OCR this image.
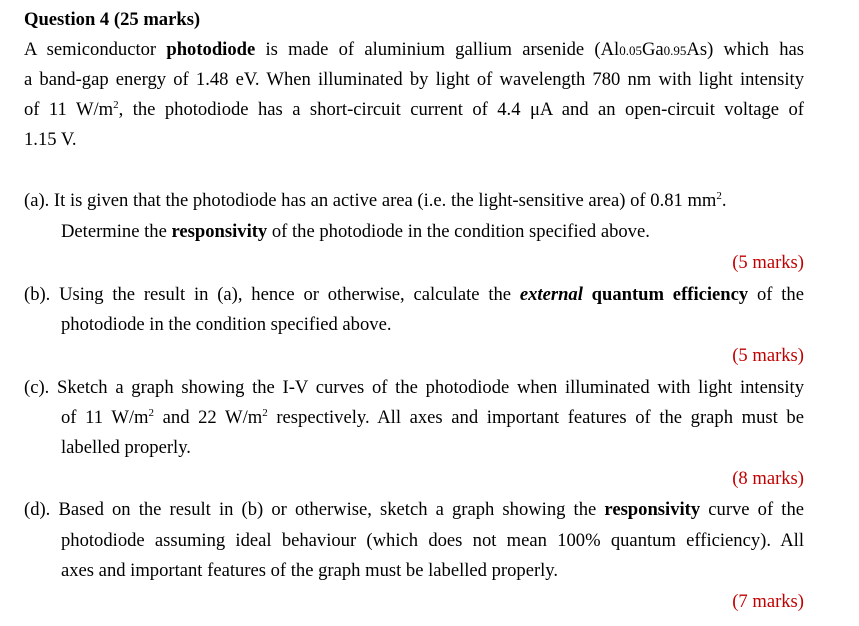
Question 4 (25 marks)
A semiconductor photodiode is made of aluminium gallium arsenide (Al0.05Ga0.95As) which has
a band-gap energy of 1.48 eV. When illuminated by light of wavelength 780 nm with light intensity
of 11 $W/m^2$, the photodiode has a short-circuit current of 4.4 μA and an open-circuit voltage of
1.15 V.
(a). It is given that the photodiode has an active area (i.e. the light-sensitive area) of 0.81 $mm^2$.
Determine the responsivity of the photodiode in the condition specified above.
(5 marks)
(b). Using the result in (a), hence or otherwise, calculate the external quantum efficiency of the
photodiode in the condition specified above.
(5 marks)
(c). Sketch a graph showing the I-V curves of the photodiode when illuminated with light intensity
of 11 $W/m^2$ and 22 $W/m^2$ respectively. All axes and important features of the graph must be
labelled properly.
(8 marks)
(d). Based on the result in (b) or otherwise, sketch a graph showing the responsivity curve of the
photodiode assuming ideal behaviour (which does not mean 100% quantum efficiency). All
axes and important features of the graph must be labelled properly.
(7 marks)
